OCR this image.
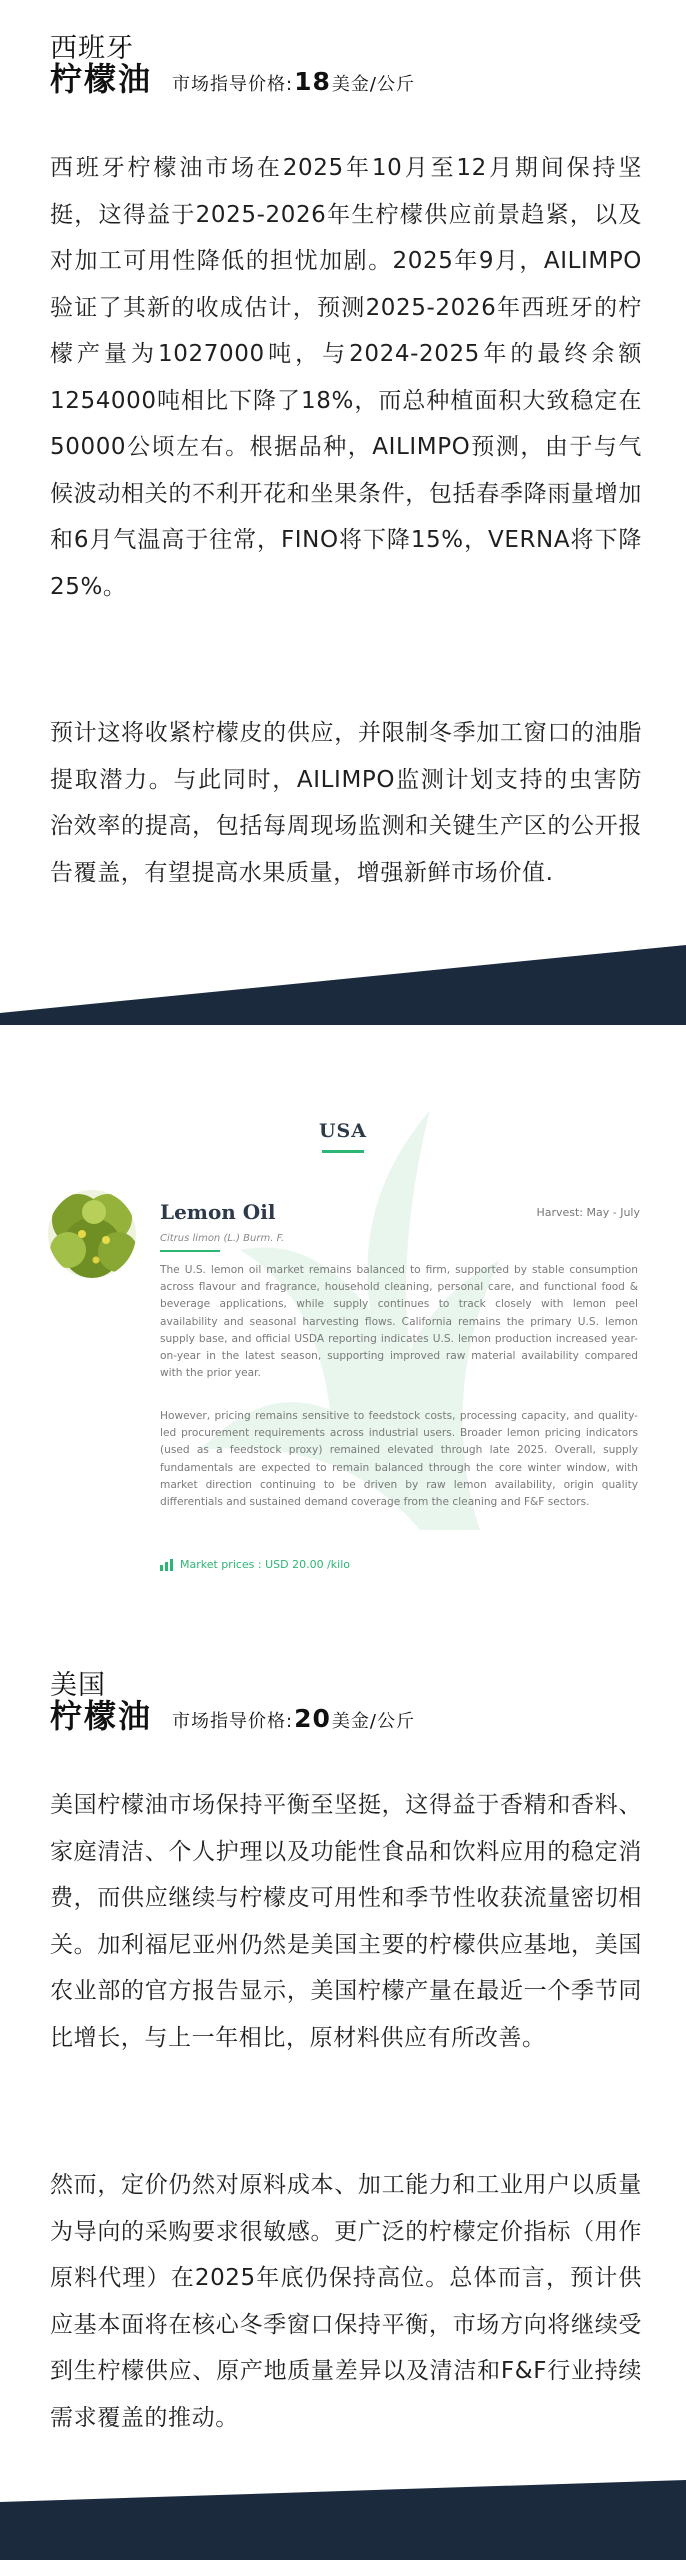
西班牙
柠檬油	市场指导价格:18美金/公斤
西班牙柠檬油市场在2025年10月至12月期间保持坚挺，这得益于2025-2026年生柠檬供应前景趋紧，以及对加工可用性降低的担忧加剧。2025年9月，AILIMPO验证了其新的收成估计，预测2025-2026年西班牙的柠檬产量为1027000吨，与2024-2025年的最终余额1254000吨相比下降了18%，而总种植面积大致稳定在50000公顷左右。根据品种，AILIMPO预测，由于与气候波动相关的不利开花和坐果条件，包括春季降雨量增加和6月气温高于往常，FINO将下降15%，VERNA将下降25%。
预计这将收紧柠檬皮的供应，并限制冬季加工窗口的油脂提取潜力。与此同时，AILIMPO监测计划支持的虫害防治效率的提高，包括每周现场监测和关键生产区的公开报告覆盖，有望提高水果质量，增强新鲜市场价值.
USA
Lemon Oil	Harvest: May - July
Citrus limon (L.) Burm. F.
The U.S. lemon oil market remains balanced to firm, supported by stable consumption across flavour and fragrance, household cleaning, personal care, and functional food & beverage applications, while supply continues to track closely with lemon peel availability and seasonal harvesting flows. California remains the primary U.S. lemon supply base, and official USDA reporting indicates U.S. lemon production increased year-on-year in the latest season, supporting improved raw material availability compared with the prior year.
However, pricing remains sensitive to feedstock costs, processing capacity, and quality-led procurement requirements across industrial users. Broader lemon pricing indicators (used as a feedstock proxy) remained elevated through late 2025. Overall, supply fundamentals are expected to remain balanced through the core winter window, with market direction continuing to be driven by raw lemon availability, origin quality differentials and sustained demand coverage from the cleaning and F&F sectors.
Market prices : USD 20.00 /kilo
美国
柠檬油	市场指导价格:20美金/公斤
美国柠檬油市场保持平衡至坚挺，这得益于香精和香料、家庭清洁、个人护理以及功能性食品和饮料应用的稳定消费，而供应继续与柠檬皮可用性和季节性收获流量密切相关。加利福尼亚州仍然是美国主要的柠檬供应基地，美国农业部的官方报告显示，美国柠檬产量在最近一个季节同比增长，与上一年相比，原材料供应有所改善。
然而，定价仍然对原料成本、加工能力和工业用户以质量为导向的采购要求很敏感。更广泛的柠檬定价指标（用作原料代理）在2025年底仍保持高位。总体而言，预计供应基本面将在核心冬季窗口保持平衡，市场方向将继续受到生柠檬供应、原产地质量差异以及清洁和F&F行业持续需求覆盖的推动。
